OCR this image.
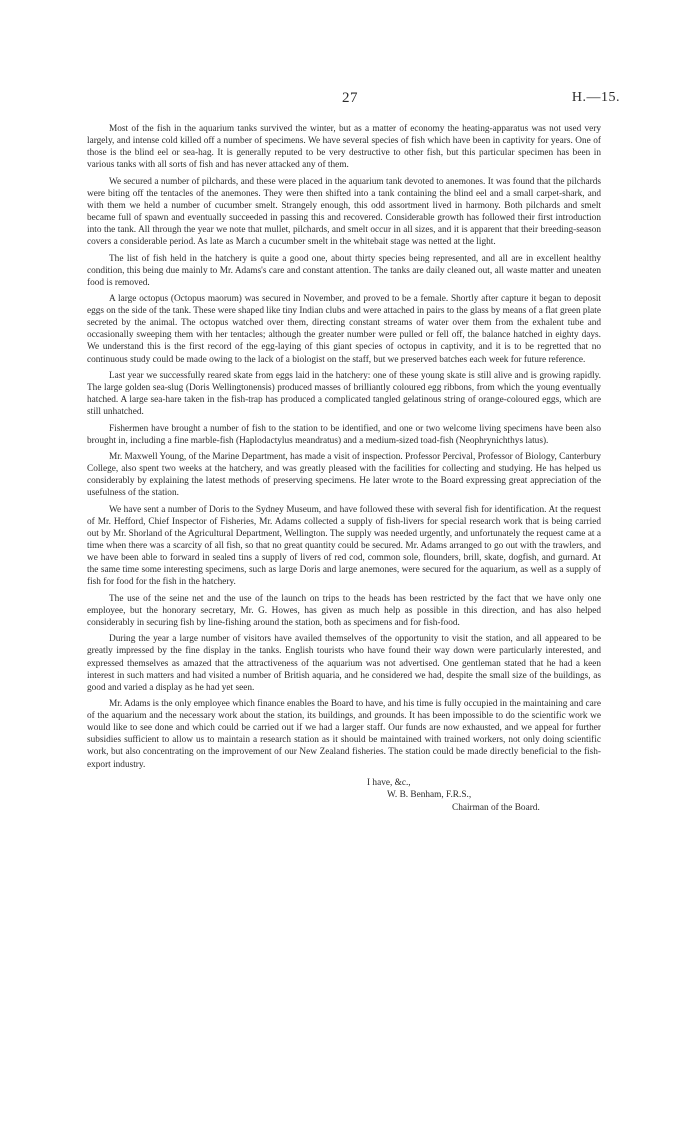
27	H.—15.

Most of the fish in the aquarium tanks survived the winter, but as a matter of economy the heating-apparatus was not used very largely, and intense cold killed off a number of specimens. We have several species of fish which have been in captivity for years. One of those is the blind eel or sea-hag. It is generally reputed to be very destructive to other fish, but this particular specimen has been in various tanks with all sorts of fish and has never attacked any of them.

We secured a number of pilchards, and these were placed in the aquarium tank devoted to anemones. It was found that the pilchards were biting off the tentacles of the anemones. They were then shifted into a tank containing the blind eel and a small carpet-shark, and with them we held a number of cucumber smelt. Strangely enough, this odd assortment lived in harmony. Both pilchards and smelt became full of spawn and eventually succeeded in passing this and recovered. Considerable growth has followed their first introduction into the tank. All through the year we note that mullet, pilchards, and smelt occur in all sizes, and it is apparent that their breeding-season covers a considerable period. As late as March a cucumber smelt in the whitebait stage was netted at the light.

The list of fish held in the hatchery is quite a good one, about thirty species being represented, and all are in excellent healthy condition, this being due mainly to Mr. Adams's care and constant attention. The tanks are daily cleaned out, all waste matter and uneaten food is removed.

A large octopus (Octopus maorum) was secured in November, and proved to be a female. Shortly after capture it began to deposit eggs on the side of the tank. These were shaped like tiny Indian clubs and were attached in pairs to the glass by means of a flat green plate secreted by the animal. The octopus watched over them, directing constant streams of water over them from the exhalent tube and occasionally sweeping them with her tentacles; although the greater number were pulled or fell off, the balance hatched in eighty days. We understand this is the first record of the egg-laying of this giant species of octopus in captivity, and it is to be regretted that no continuous study could be made owing to the lack of a biologist on the staff, but we preserved batches each week for future reference.

Last year we successfully reared skate from eggs laid in the hatchery: one of these young skate is still alive and is growing rapidly. The large golden sea-slug (Doris Wellingtonensis) produced masses of brilliantly coloured egg ribbons, from which the young eventually hatched. A large sea-hare taken in the fish-trap has produced a complicated tangled gelatinous string of orange-coloured eggs, which are still unhatched.

Fishermen have brought a number of fish to the station to be identified, and one or two welcome living specimens have been also brought in, including a fine marble-fish (Haplodactylus meandratus) and a medium-sized toad-fish (Neophrynichthys latus).

Mr. Maxwell Young, of the Marine Department, has made a visit of inspection. Professor Percival, Professor of Biology, Canterbury College, also spent two weeks at the hatchery, and was greatly pleased with the facilities for collecting and studying. He has helped us considerably by explaining the latest methods of preserving specimens. He later wrote to the Board expressing great appreciation of the usefulness of the station.

We have sent a number of Doris to the Sydney Museum, and have followed these with several fish for identification. At the request of Mr. Hefford, Chief Inspector of Fisheries, Mr. Adams collected a supply of fish-livers for special research work that is being carried out by Mr. Shorland of the Agricultural Department, Wellington. The supply was needed urgently, and unfortunately the request came at a time when there was a scarcity of all fish, so that no great quantity could be secured. Mr. Adams arranged to go out with the trawlers, and we have been able to forward in sealed tins a supply of livers of red cod, common sole, flounders, brill, skate, dogfish, and gurnard. At the same time some interesting specimens, such as large Doris and large anemones, were secured for the aquarium, as well as a supply of fish for food for the fish in the hatchery.

The use of the seine net and the use of the launch on trips to the heads has been restricted by the fact that we have only one employee, but the honorary secretary, Mr. G. Howes, has given as much help as possible in this direction, and has also helped considerably in securing fish by line-fishing around the station, both as specimens and for fish-food.

During the year a large number of visitors have availed themselves of the opportunity to visit the station, and all appeared to be greatly impressed by the fine display in the tanks. English tourists who have found their way down were particularly interested, and expressed themselves as amazed that the attractiveness of the aquarium was not advertised. One gentleman stated that he had a keen interest in such matters and had visited a number of British aquaria, and he considered we had, despite the small size of the buildings, as good and varied a display as he had yet seen.

Mr. Adams is the only employee which finance enables the Board to have, and his time is fully occupied in the maintaining and care of the aquarium and the necessary work about the station, its buildings, and grounds. It has been impossible to do the scientific work we would like to see done and which could be carried out if we had a larger staff. Our funds are now exhausted, and we appeal for further subsidies sufficient to allow us to maintain a research station as it should be maintained with trained workers, not only doing scientific work, but also concentrating on the improvement of our New Zealand fisheries. The station could be made directly beneficial to the fish-export industry.

I have, &c.,
W. B. Benham, F.R.S.,
Chairman of the Board.
